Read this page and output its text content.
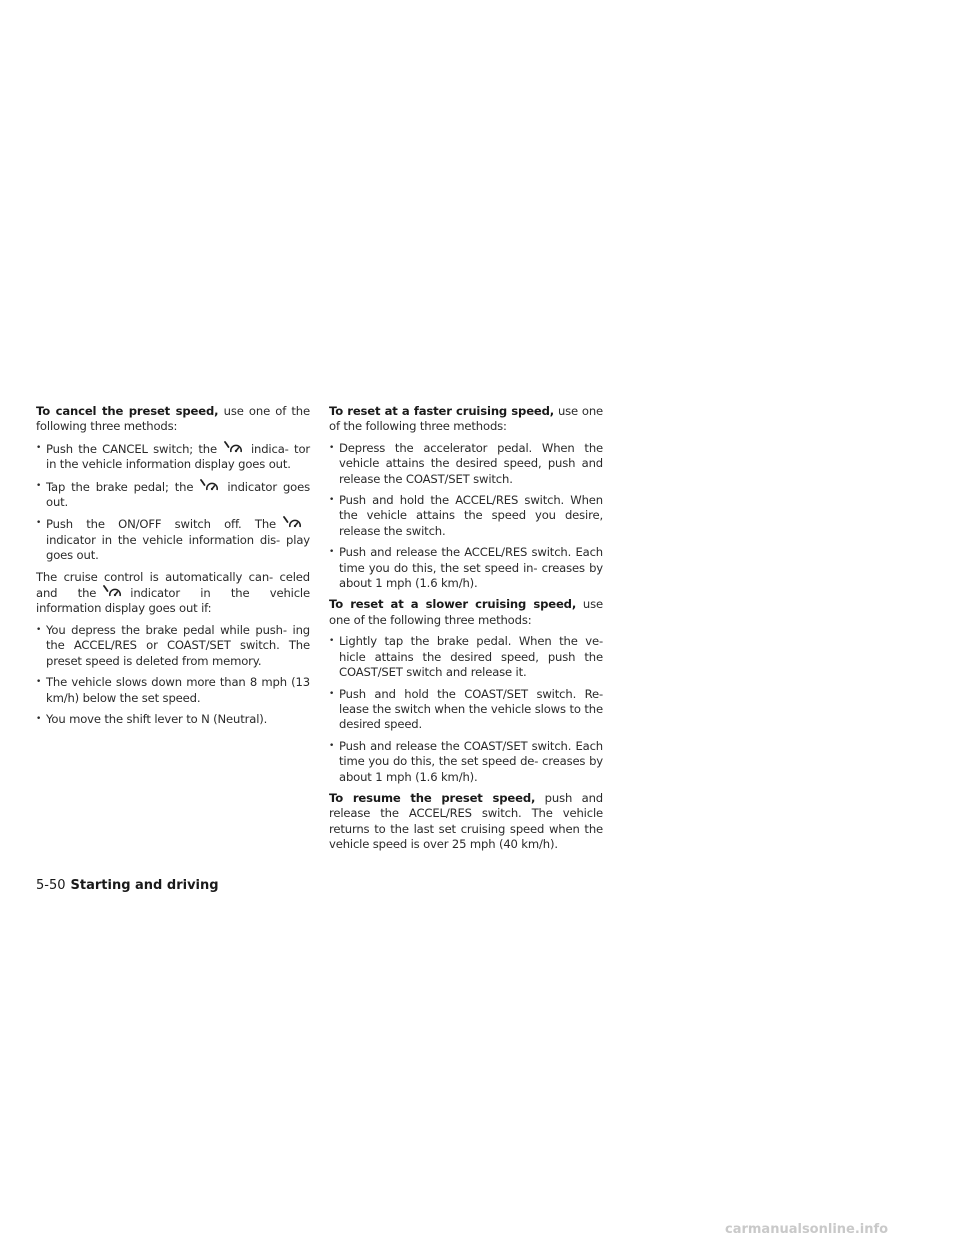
To cancel the preset speed, use one of the following three methods:

• Push the CANCEL switch; the	indica- tor in the vehicle information display goes out.
• Tap the brake pedal; the	indicator goes out.
• Push the ON/OFF switch off. The
indicator in the vehicle information dis- play goes out.

The cruise control is automatically can- celed and the	indicator in the vehicle information display goes out if:

• You depress the brake pedal while push- ing the ACCEL/RES or COAST/SET switch. The preset speed is deleted from memory.
• The vehicle slows down more than 8 mph (13 km/h) below the set speed.
• You move the shift lever to N (Neutral).

To reset at a faster cruising speed, use one of the following three methods:

• Depress the accelerator pedal. When the vehicle attains the desired speed, push and release the COAST/SET switch.
• Push and hold the ACCEL/RES switch. When the vehicle attains the speed you desire, release the switch.
• Push and release the ACCEL/RES switch. Each time you do this, the set speed in- creases by about 1 mph (1.6 km/h).

To reset at a slower cruising speed, use one of the following three methods:

• Lightly tap the brake pedal. When the ve- hicle attains the desired speed, push the COAST/SET switch and release it.
• Push and hold the COAST/SET switch. Re- lease the switch when the vehicle slows to the desired speed.
• Push and release the COAST/SET switch. Each time you do this, the set speed de- creases by about 1 mph (1.6 km/h).

To resume the preset speed, push and release the ACCEL/RES switch. The vehicle returns to the last set cruising speed when the vehicle speed is over 25 mph (40 km/h).

5-50 Starting and driving
carmanualsonline.info
